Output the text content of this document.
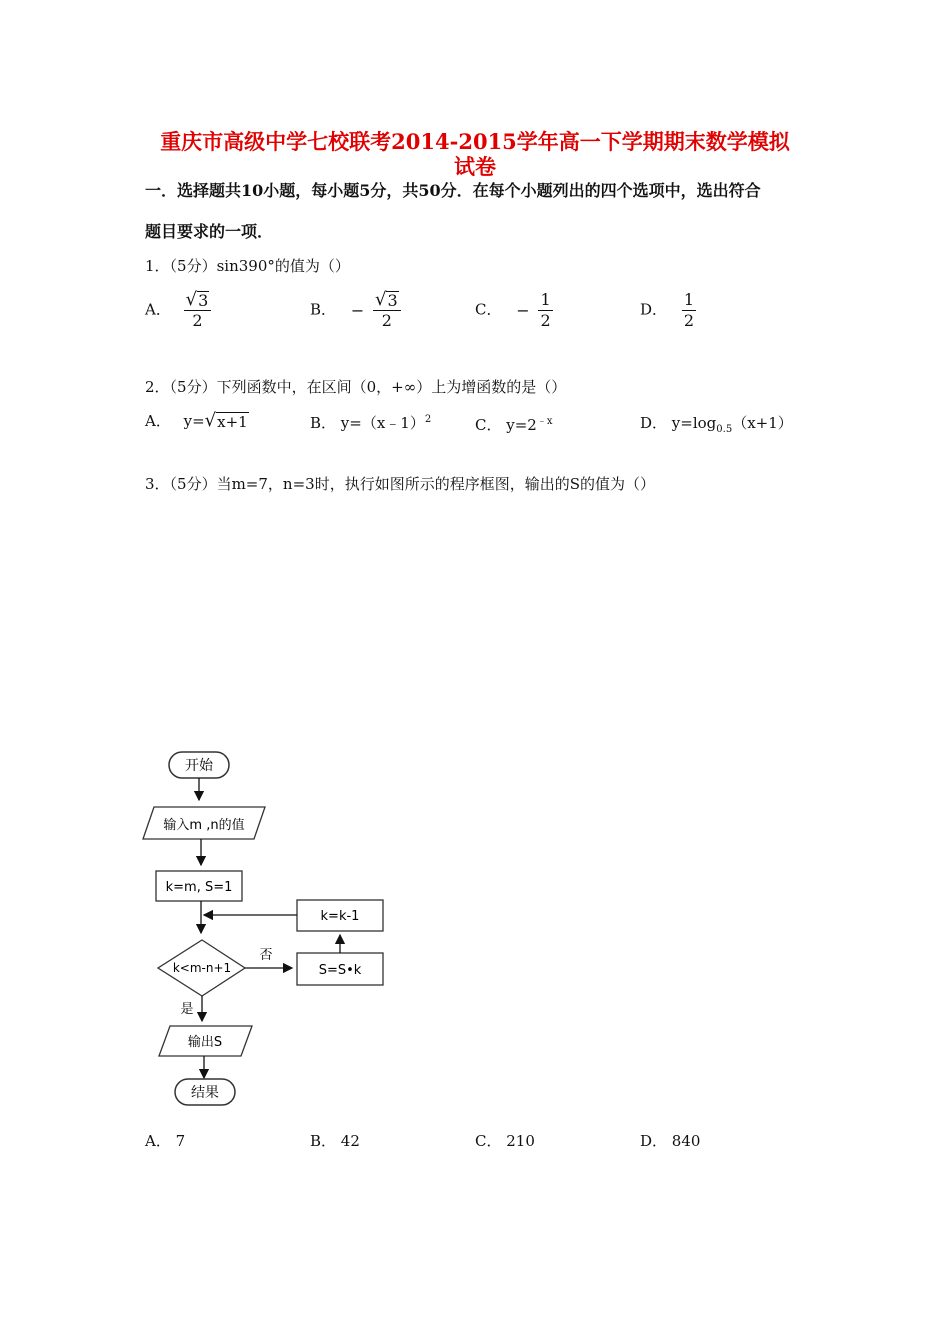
重庆市高级中学七校联考2014-2015学年高一下学期期末数学模拟
试卷
一．选择题共10小题，每小题5分，共50分．在每个小题列出的四个选项中，选出符合
题目要求的一项．
1．（5分）sin390°的值为（）
A． $\frac{√ 3}{2}$	B． − $\frac{√ 3}{2}$	C． − $\frac{1}{2}$	D． $\frac{1}{2}$
2．（5分）下列函数中，在区间（0，+∞）上为增函数的是（）
A． y= √ x+1	B． y=（x﹣1）$^2$	C． $y=2^{﹣x}$	D． $y=\log_{0.5}(x+1)$
3．（5分）当m=7，n=3时，执行如图所示的程序框图，输出的S的值为（）
开始
输入m ,n的值
k=m, S=1
k<m-n+1
否
S=S•k
k=k-1
是
输出S
结果
A． 7	B． 42	C． 210	D． 840
